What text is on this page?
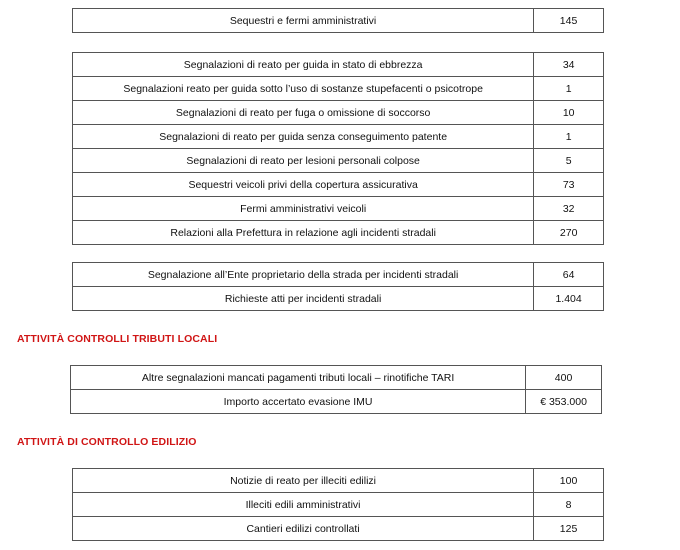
Sequestri e fermi amministrativi	145
Segnalazioni di reato per guida in stato di ebbrezza	34
Segnalazioni reato per guida sotto l’uso di sostanze stupefacenti o psicotrope	1
Segnalazioni di reato per fuga o omissione di soccorso	10
Segnalazioni di reato per guida senza conseguimento patente	1
Segnalazioni di reato per lesioni personali colpose	5
Sequestri veicoli privi della copertura assicurativa	73
Fermi amministrativi veicoli	32
Relazioni alla Prefettura in relazione agli incidenti stradali	270
Segnalazione all’Ente proprietario della strada per incidenti stradali	64
Richieste atti per incidenti stradali	1.404
ATTIVITÀ CONTROLLI TRIBUTI LOCALI
Altre segnalazioni mancati pagamenti tributi locali – rinotifiche TARI	400
Importo accertato evasione IMU	€ 353.000
ATTIVITÀ DI CONTROLLO EDILIZIO
Notizie di reato per illeciti edilizi	100
Illeciti edili amministrativi	8
Cantieri edilizi controllati	125
